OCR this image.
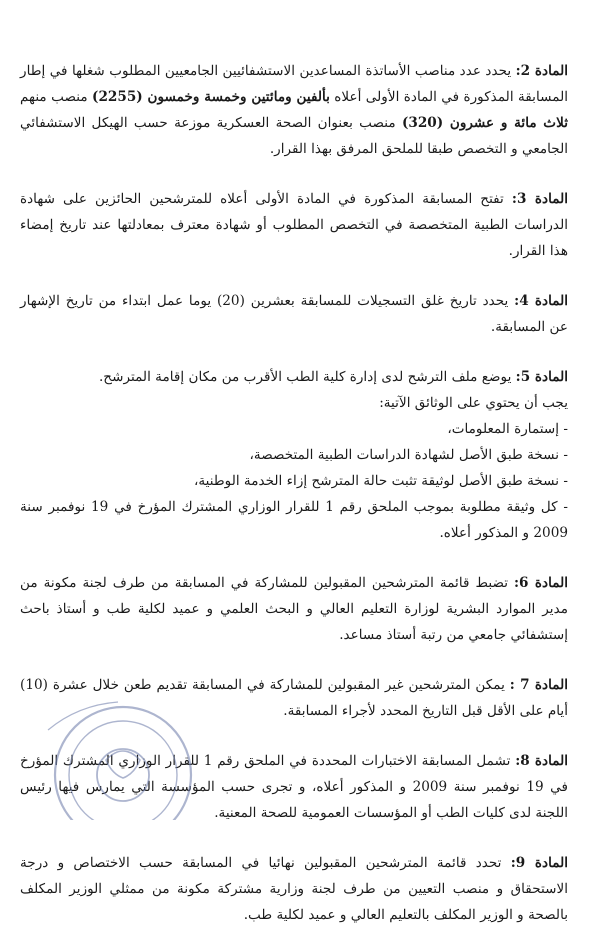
المادة 2: يحدد عدد مناصب الأساتذة المساعدين الاستشفائيين الجامعيين المطلوب شغلها في إطار المسابقة المذكورة في المادة الأولى أعلاه بألفين ومائتين وخمسة وخمسون (2255) منصب منهم ثلاث مائة و عشرون (320) منصب بعنوان الصحة العسكرية موزعة حسب الهيكل الاستشفائي الجامعي و التخصص طبقا للملحق المرفق بهذا القرار.

المادة 3: تفتح المسابقة المذكورة في المادة الأولى أعلاه للمترشحين الحائزين على شهادة الدراسات الطبية المتخصصة في التخصص المطلوب أو شهادة معترف بمعادلتها عند تاريخ إمضاء هذا القرار.

المادة 4: يحدد تاريخ غلق التسجيلات للمسابقة بعشرين (20) يوما عمل ابتداء من تاريخ الإشهار عن المسابقة.

المادة 5: يوضع ملف الترشح لدى إدارة كلية الطب الأقرب من مكان إقامة المترشح.
يجب أن يحتوي على الوثائق الآتية:
- إستمارة المعلومات،
- نسخة طبق الأصل لشهادة الدراسات الطبية المتخصصة،
- نسخة طبق الأصل لوثيقة تثبت حالة المترشح إزاء الخدمة الوطنية،
- كل وثيقة مطلوبة بموجب الملحق رقم 1 للقرار الوزاري المشترك المؤرخ في 19 نوفمبر سنة 2009 و المذكور أعلاه.

المادة 6: تضبط قائمة المترشحين المقبولين للمشاركة في المسابقة من طرف لجنة مكونة من مدير الموارد البشرية لوزارة التعليم العالي و البحث العلمي و عميد لكلية طب و أستاذ باحث إستشفائي جامعي من رتبة أستاذ مساعد.

المادة 7 : يمكن المترشحين غير المقبولين للمشاركة في المسابقة تقديم طعن خلال عشرة (10) أيام على الأقل قبل التاريخ المحدد لأجراء المسابقة.

المادة 8: تشمل المسابقة الاختبارات المحددة في الملحق رقم 1 للقرار الوزاري المشترك المؤرخ في 19 نوفمبر سنة 2009 و المذكور أعلاه، و تجرى حسب المؤسسة التي يمارس فيها رئيس اللجنة لدى كليات الطب أو المؤسسات العمومية للصحة المعنية.

المادة 9: تحدد قائمة المترشحين المقبولين نهائيا في المسابقة حسب الاختصاص و درجة الاستحقاق و منصب التعيين من طرف لجنة وزارية مشتركة مكونة من ممثلي الوزير المكلف بالصحة و الوزير المكلف بالتعليم العالي و عميد لكلية طب.
